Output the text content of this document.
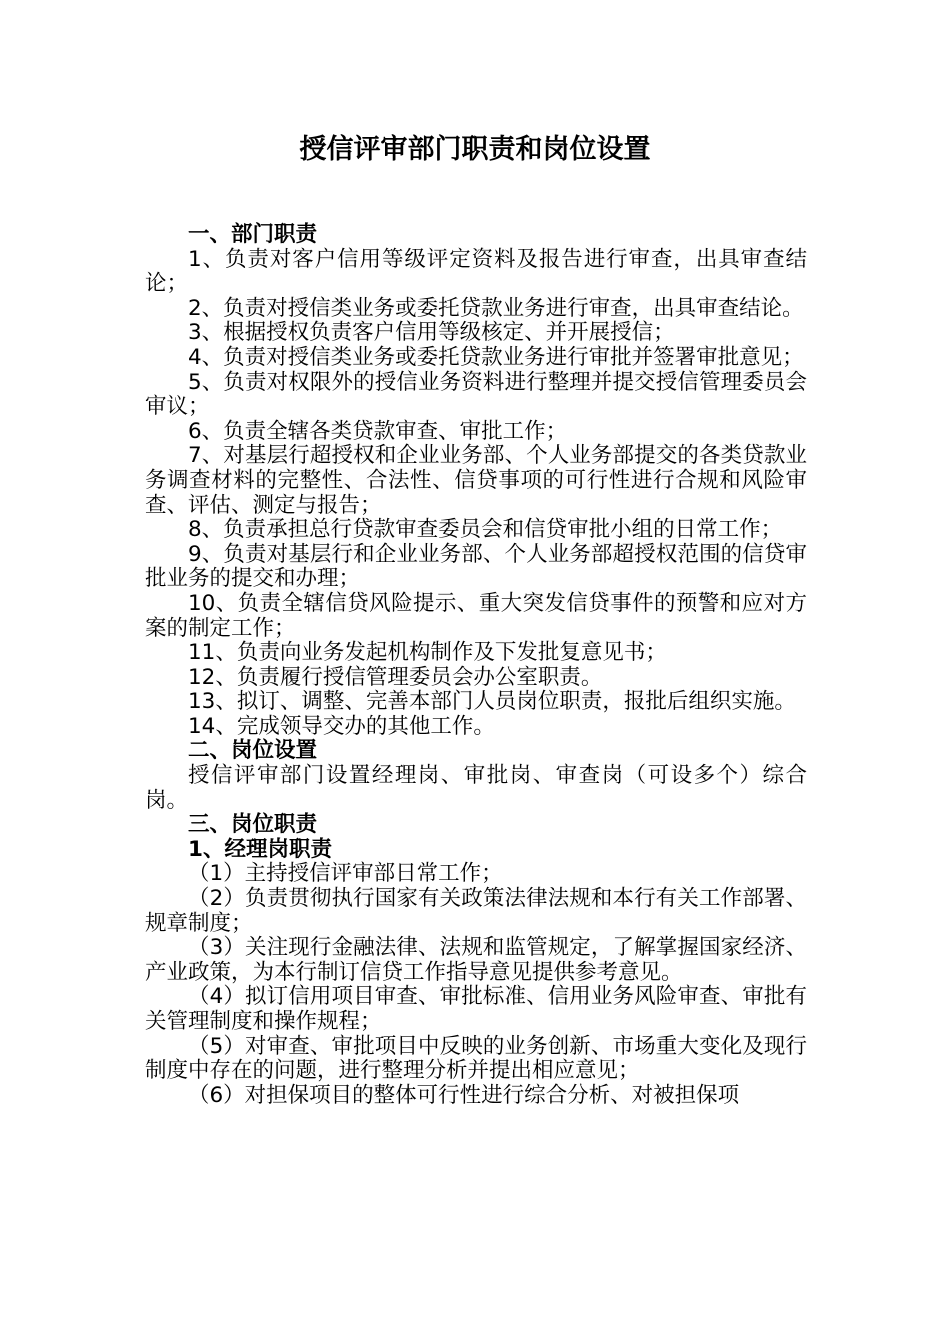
授信评审部门职责和岗位设置

一、部门职责

1、负责对客户信用等级评定资料及报告进行审查，出具审查结论；

2、负责对授信类业务或委托贷款业务进行审查，出具审查结论。

3、根据授权负责客户信用等级核定、并开展授信；

4、负责对授信类业务或委托贷款业务进行审批并签署审批意见；

5、负责对权限外的授信业务资料进行整理并提交授信管理委员会审议；

6、负责全辖各类贷款审查、审批工作；

7、对基层行超授权和企业业务部、个人业务部提交的各类贷款业务调查材料的完整性、合法性、信贷事项的可行性进行合规和风险审查、评估、测定与报告；

8、负责承担总行贷款审查委员会和信贷审批小组的日常工作；

9、负责对基层行和企业业务部、个人业务部超授权范围的信贷审批业务的提交和办理；

10、负责全辖信贷风险提示、重大突发信贷事件的预警和应对方案的制定工作；

11、负责向业务发起机构制作及下发批复意见书；

12、负责履行授信管理委员会办公室职责。

13、拟订、调整、完善本部门人员岗位职责，报批后组织实施。

14、完成领导交办的其他工作。

二、岗位设置

授信评审部门设置经理岗、审批岗、审查岗（可设多个）综合岗。

三、岗位职责

1、经理岗职责

（1）主持授信评审部日常工作；

（2）负责贯彻执行国家有关政策法律法规和本行有关工作部署、规章制度；

（3）关注现行金融法律、法规和监管规定，了解掌握国家经济、产业政策，为本行制订信贷工作指导意见提供参考意见。

（4）拟订信用项目审查、审批标准、信用业务风险审查、审批有关管理制度和操作规程；

（5）对审查、审批项目中反映的业务创新、市场重大变化及现行制度中存在的问题，进行整理分析并提出相应意见；

（6）对担保项目的整体可行性进行综合分析、对被担保项
